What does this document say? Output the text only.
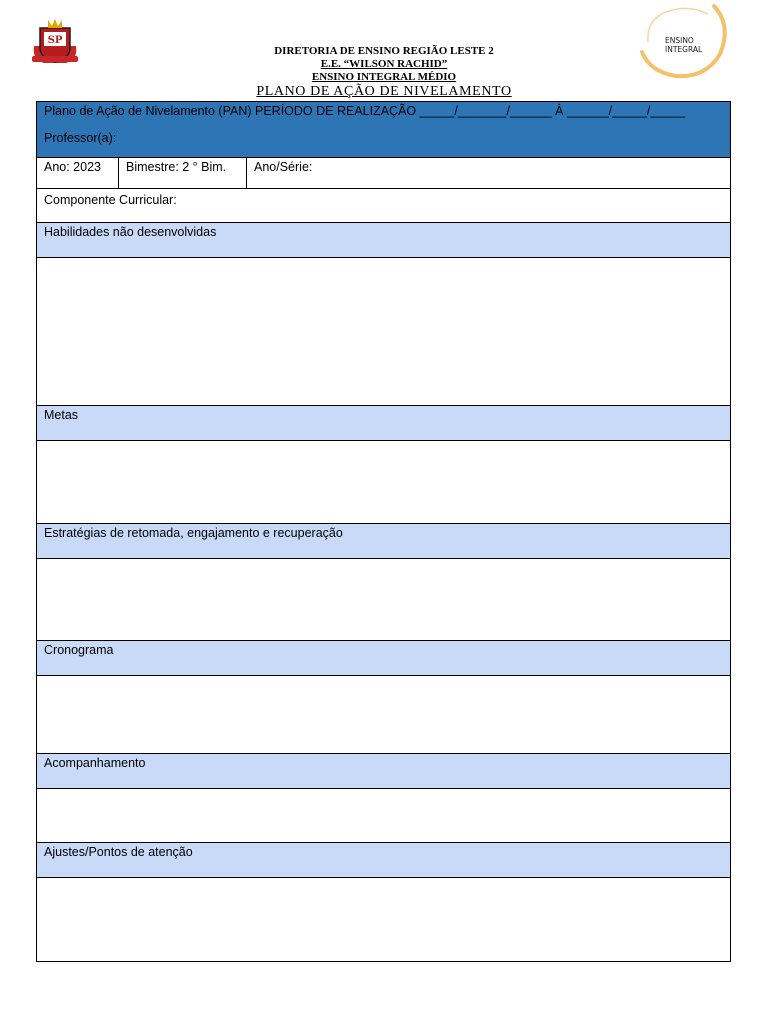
SP	ENSINO
INTEGRAL
DIRETORIA DE ENSINO REGIÃO LESTE 2
E.E. “WILSON RACHID”
ENSINO INTEGRAL MÉDIO
PLANO DE AÇÃO DE NIVELAMENTO
Plano de Ação de Nivelamento (PAN) PERÍODO DE REALIZAÇÃO _____/_______/______ À ______/_____/_____
Professor(a):
Ano: 2023 Bimestre: 2 ° Bim. Ano/Série:
Componente Curricular:
Habilidades não desenvolvidas
Metas
Estratégias de retomada, engajamento e recuperação
Cronograma
Acompanhamento
Ajustes/Pontos de atenção
